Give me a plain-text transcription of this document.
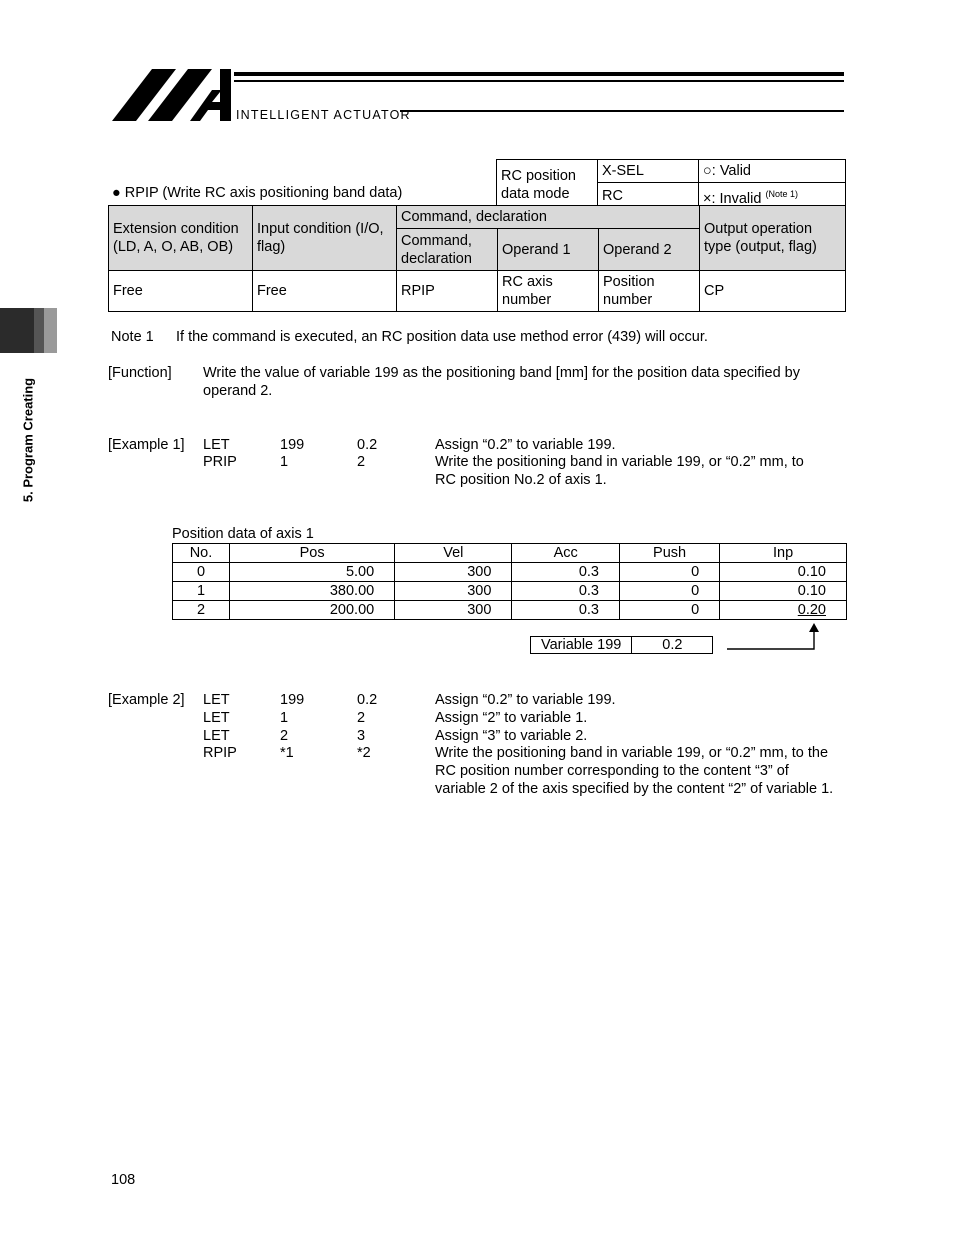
INTELLIGENT ACTUATOR
5. Program Creating
RC position data mode	X-SEL	○: Valid
	RC	×: Invalid $^{(Note 1)}$
● RPIP (Write RC axis positioning band data)
Extension condition (LD, A, O, AB, OB)	Input condition (I/O, flag)	Command, declaration			Output operation type (output, flag)
		Command, declaration	Operand 1	Operand 2	
Free	Free	RPIP	RC axis number	Position number	CP
Note 1 If the command is executed, an RC position data use method error (439) will occur.
[Function] Write the value of variable 199 as the positioning band [mm] for the position data specified by
operand 2.
[Example 1] LET	199	0.2	Assign “0.2” to variable 199.
PRIP	1	2	Write the positioning band in variable 199, or “0.2” mm, to
RC position No.2 of axis 1.
Position data of axis 1
No.	Pos	Vel	Acc	Push	Inp
0	5.00	300	0.3	0	0.10
1	380.00	300	0.3	0	0.10
2	200.00	300	0.3	0	0.20
Variable 199	0.2
[Example 2] LET	199	0.2	Assign “0.2” to variable 199.
LET	1	2	Assign “2” to variable 1.
LET	2	3	Assign “3” to variable 2.
RPIP	*1	*2	Write the positioning band in variable 199, or “0.2” mm, to the
RC position number corresponding to the content “3” of
variable 2 of the axis specified by the content “2” of variable 1.
108
